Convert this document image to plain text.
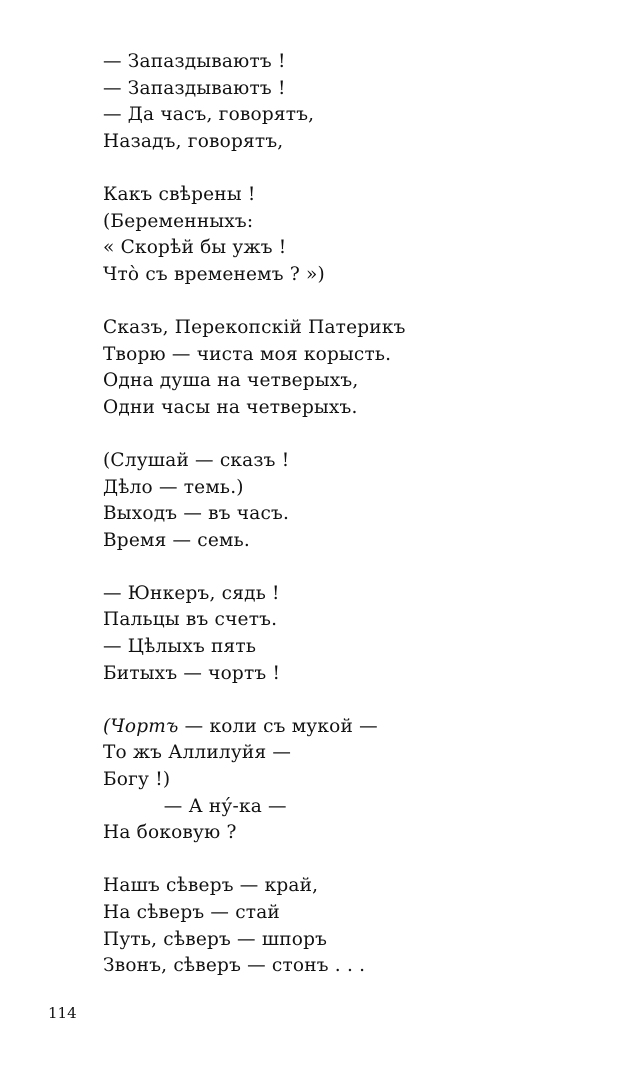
— Запаздываютъ !
— Запаздываютъ !
— Да часъ, говорятъ,
Назадъ, говорятъ,
Какъ свѣрены !
(Беременныхъ:
« Скорѣй бы ужъ !
Что̀ съ временемъ ? »)
Сказъ, Перекопскій Патерикъ
Творю — чиста моя корысть.
Одна душа на четверыхъ,
Одни часы на четверыхъ.
(Слушай — сказъ !
Дѣло — темь.)
Выходъ — въ часъ.
Время — семь.
— Юнкеръ, сядь !
Пальцы въ счетъ.
— Цѣлыхъ пять
Битыхъ — чортъ !
(Чортъ — коли съ мукой —
То жъ Аллилуйя —
Богу !)
— А ну́-ка —
На боковую ?
Нашъ сѣверъ — край,
На сѣверъ — стай
Путь, сѣверъ — шпоръ
Звонъ, сѣверъ — стонъ . . .
114
